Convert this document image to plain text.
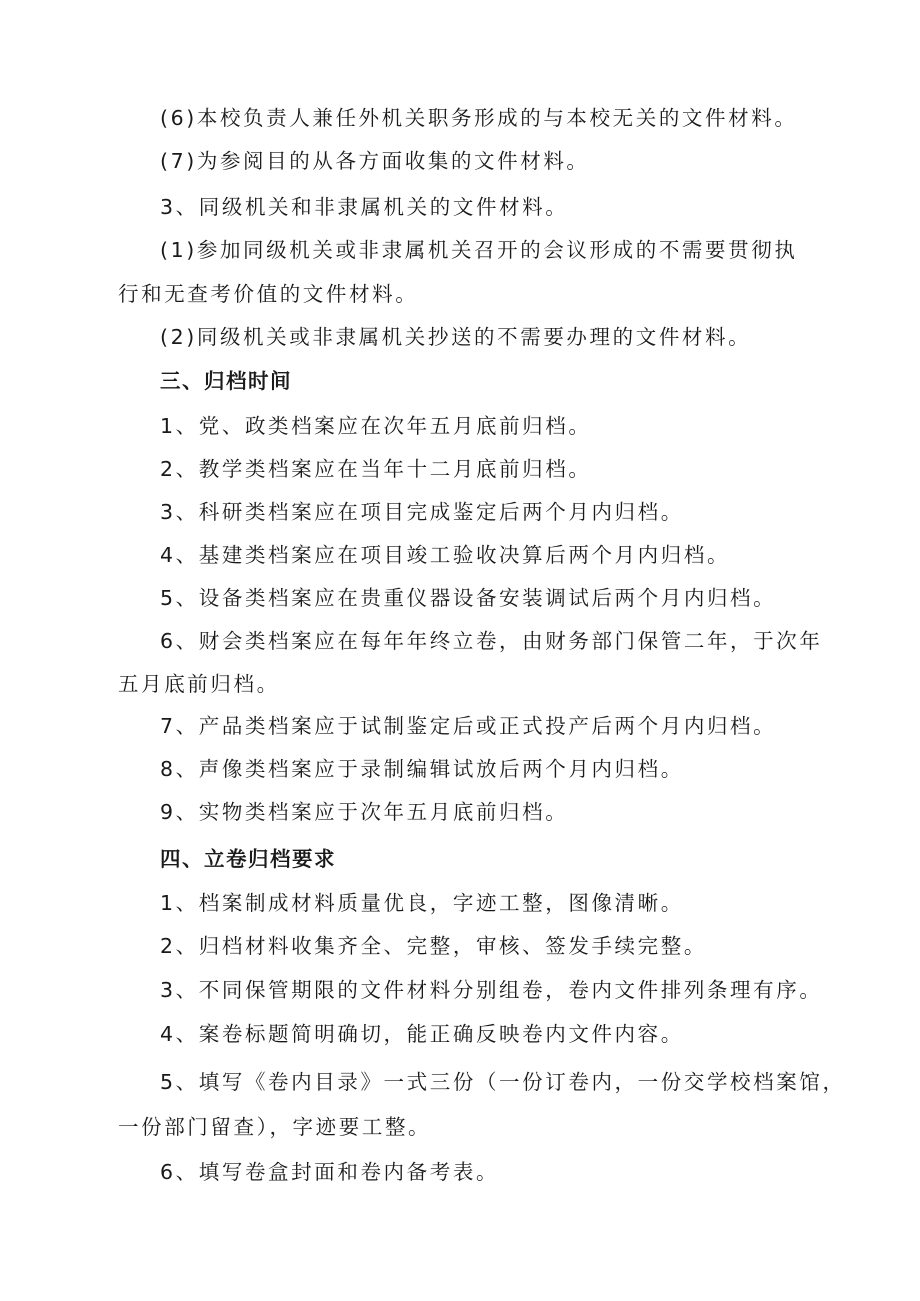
(6)本校负责人兼任外机关职务形成的与本校无关的文件材料。
(7)为参阅目的从各方面收集的文件材料。
3、同级机关和非隶属机关的文件材料。
(1)参加同级机关或非隶属机关召开的会议形成的不需要贯彻执
行和无查考价值的文件材料。
(2)同级机关或非隶属机关抄送的不需要办理的文件材料。
三、归档时间
1、党、政类档案应在次年五月底前归档。
2、教学类档案应在当年十二月底前归档。
3、科研类档案应在项目完成鉴定后两个月内归档。
4、基建类档案应在项目竣工验收决算后两个月内归档。
5、设备类档案应在贵重仪器设备安装调试后两个月内归档。
6、财会类档案应在每年年终立卷，由财务部门保管二年，于次年
五月底前归档。
7、产品类档案应于试制鉴定后或正式投产后两个月内归档。
8、声像类档案应于录制编辑试放后两个月内归档。
9、实物类档案应于次年五月底前归档。
四、立卷归档要求
1、档案制成材料质量优良，字迹工整，图像清晰。
2、归档材料收集齐全、完整，审核、签发手续完整。
3、不同保管期限的文件材料分别组卷，卷内文件排列条理有序。
4、案卷标题简明确切，能正确反映卷内文件内容。
5、填写《卷内目录》一式三份（一份订卷内，一份交学校档案馆，
一份部门留查），字迹要工整。
6、填写卷盒封面和卷内备考表。
